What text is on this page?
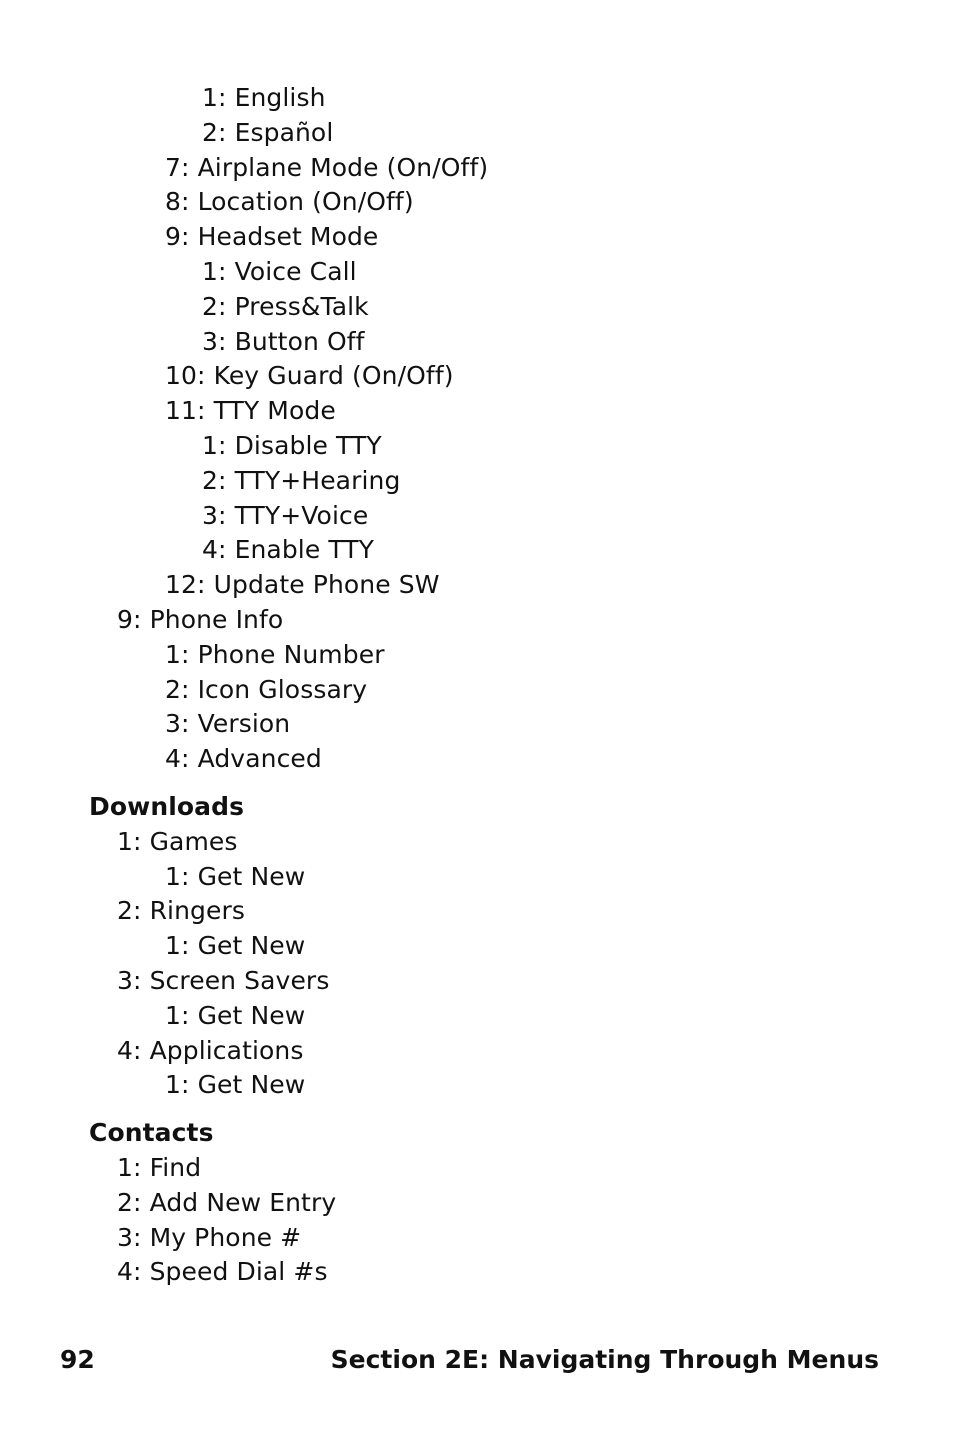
1: English
2: Español
7: Airplane Mode (On/Off)
8: Location (On/Off)
9: Headset Mode
1: Voice Call
2: Press&Talk
3: Button Off
10: Key Guard (On/Off)
11: TTY Mode
1: Disable TTY
2: TTY+Hearing
3: TTY+Voice
4: Enable TTY
12: Update Phone SW
9: Phone Info
1: Phone Number
2: Icon Glossary
3: Version
4: Advanced
Downloads
1: Games
1: Get New
2: Ringers
1: Get New
3: Screen Savers
1: Get New
4: Applications
1: Get New
Contacts
1: Find
2: Add New Entry
3: My Phone #
4: Speed Dial #s
92	Section 2E: Navigating Through Menus
